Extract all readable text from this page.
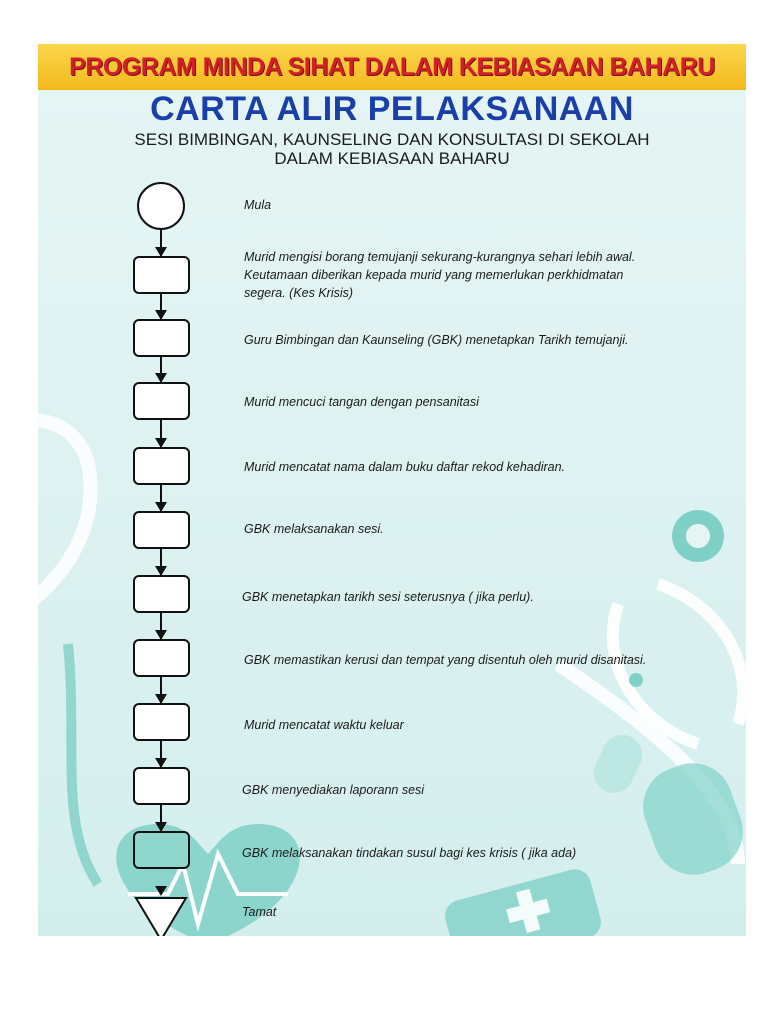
PROGRAM MINDA SIHAT DALAM KEBIASAAN BAHARU
CARTA ALIR PELAKSANAAN
SESI BIMBINGAN, KAUNSELING DAN KONSULTASI DI SEKOLAH
DALAM KEBIASAAN BAHARU
Mula
Murid mengisi borang temujanji sekurang-kurangnya sehari lebih awal. Keutamaan diberikan kepada murid yang memerlukan perkhidmatan segera. (Kes Krisis)
Guru Bimbingan dan Kaunseling (GBK) menetapkan Tarikh temujanji.
Murid mencuci tangan dengan pensanitasi
Murid mencatat nama dalam buku daftar rekod kehadiran.
GBK melaksanakan sesi.
GBK menetapkan tarikh sesi seterusnya ( jika perlu).
GBK memastikan kerusi dan tempat yang disentuh oleh murid disanitasi.
Murid mencatat waktu keluar
GBK menyediakan laporann sesi
GBK melaksanakan tindakan susul bagi kes krisis ( jika ada)
Tamat
